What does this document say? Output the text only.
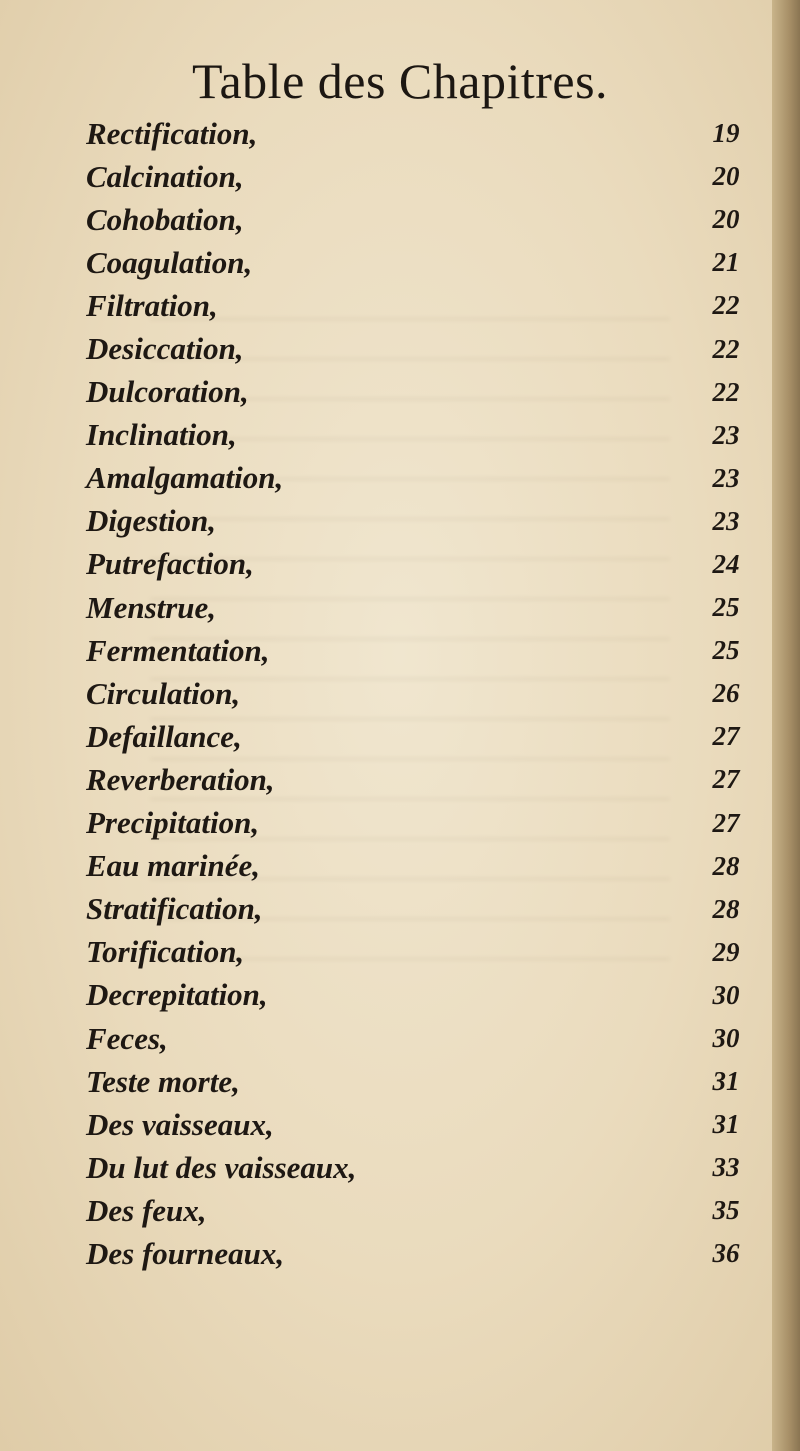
Table des Chapitres.
Rectification,	19
Calcination,	20
Cohobation,	20
Coagulation,	21
Filtration,	22
Desiccation,	22
Dulcoration,	22
Inclination,	23
Amalgamation,	23
Digestion,	23
Putrefaction,	24
Menstrue,	25
Fermentation,	25
Circulation,	26
Defaillance,	27
Reverberation,	27
Precipitation,	27
Eau marinée,	28
Stratification,	28
Torification,	29
Decrepitation,	30
Feces,	30
Teste morte,	31
Des vaisseaux,	31
Du lut des vaisseaux,	33
Des feux,	35
Des fourneaux,	36
